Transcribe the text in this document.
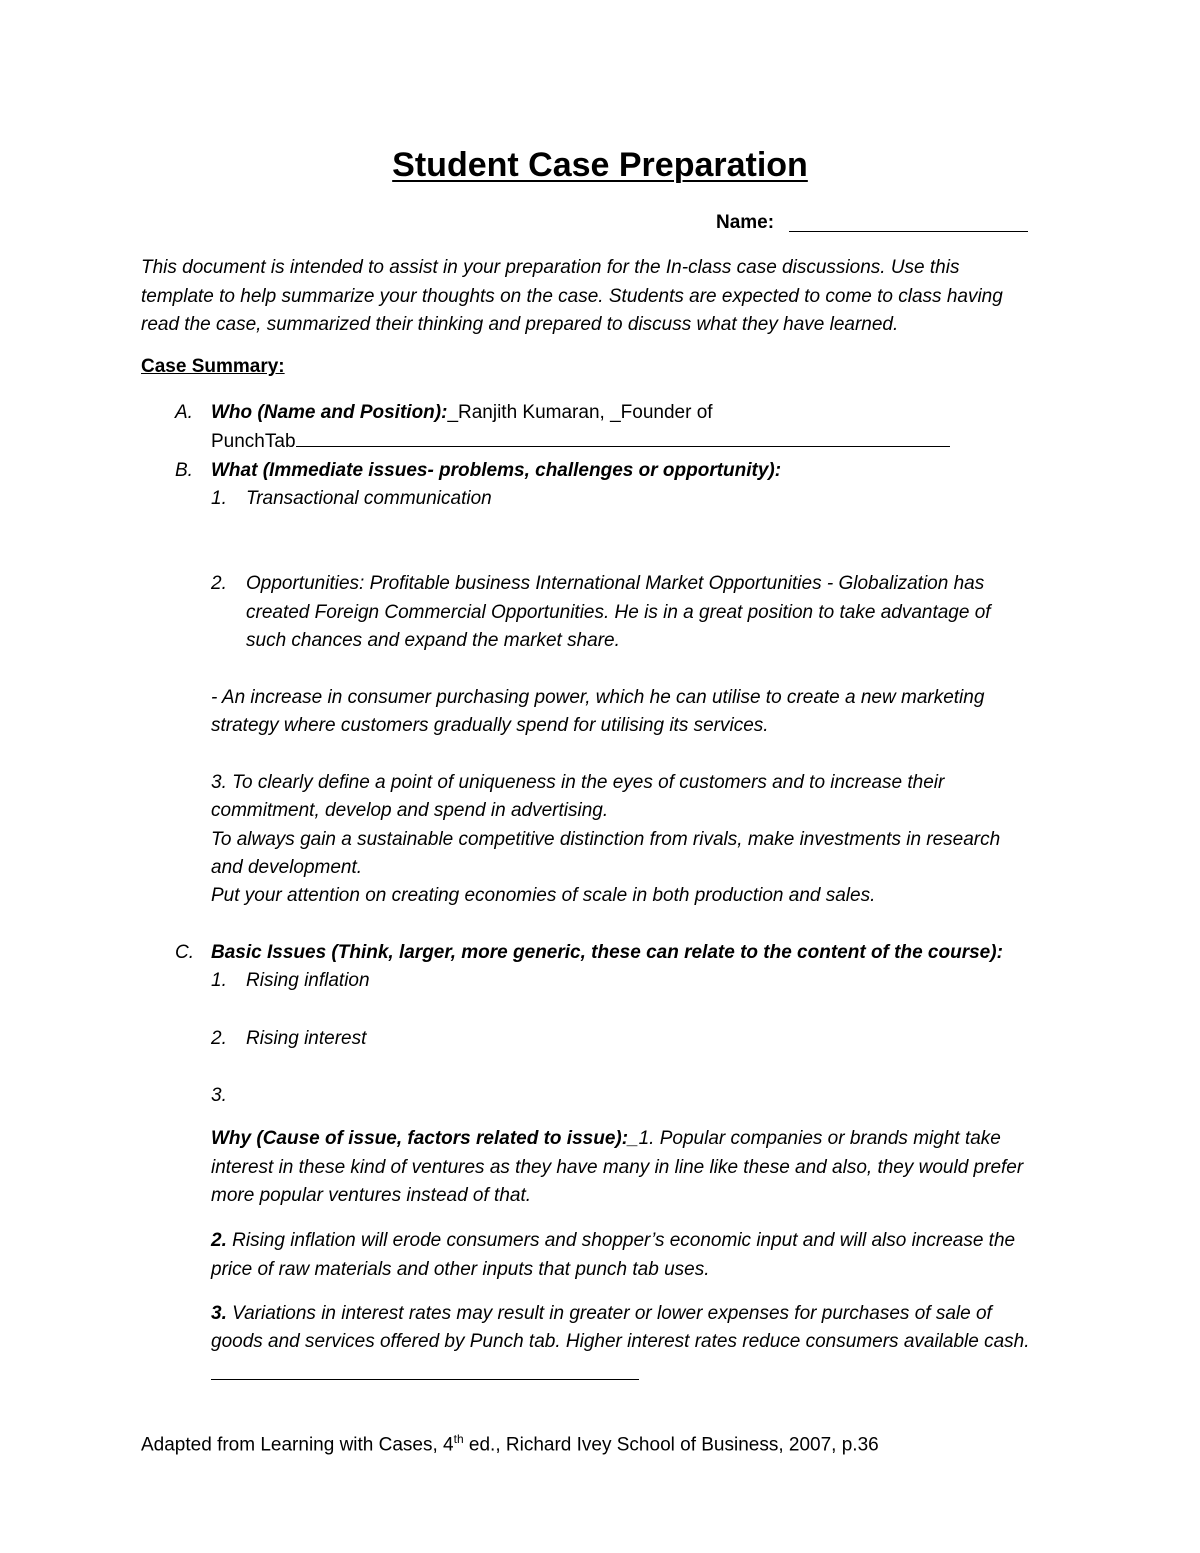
Student Case Preparation
Name:
This document is intended to assist in your preparation for the In-class case discussions. Use this
template to help summarize your thoughts on the case. Students are expected to come to class having
read the case, summarized their thinking and prepared to discuss what they have learned.
Case Summary:
A. Who (Name and Position):_Ranjith Kumaran, _Founder of
PunchTab
B. What (Immediate issues- problems, challenges or opportunity):
1.	Transactional communication
2.	Opportunities: Profitable business International Market Opportunities - Globalization has
created Foreign Commercial Opportunities. He is in a great position to take advantage of
such chances and expand the market share.
- An increase in consumer purchasing power, which he can utilise to create a new marketing
strategy where customers gradually spend for utilising its services.
3. To clearly define a point of uniqueness in the eyes of customers and to increase their
commitment, develop and spend in advertising.
To always gain a sustainable competitive distinction from rivals, make investments in research
and development.
Put your attention on creating economies of scale in both production and sales.
C. Basic Issues (Think, larger, more generic, these can relate to the content of the course):
1.	Rising inflation
2.	Rising interest
3.
Why (Cause of issue, factors related to issue):_1. Popular companies or brands might take
interest in these kind of ventures as they have many in line like these and also, they would prefer
more popular ventures instead of that.
2. Rising inflation will erode consumers and shopper’s economic input and will also increase the
price of raw materials and other inputs that punch tab uses.
3. Variations in interest rates may result in greater or lower expenses for purchases of sale of
goods and services offered by Punch tab. Higher interest rates reduce consumers available cash.
Adapted from Learning with Cases, 4th ed., Richard Ivey School of Business, 2007, p.36
